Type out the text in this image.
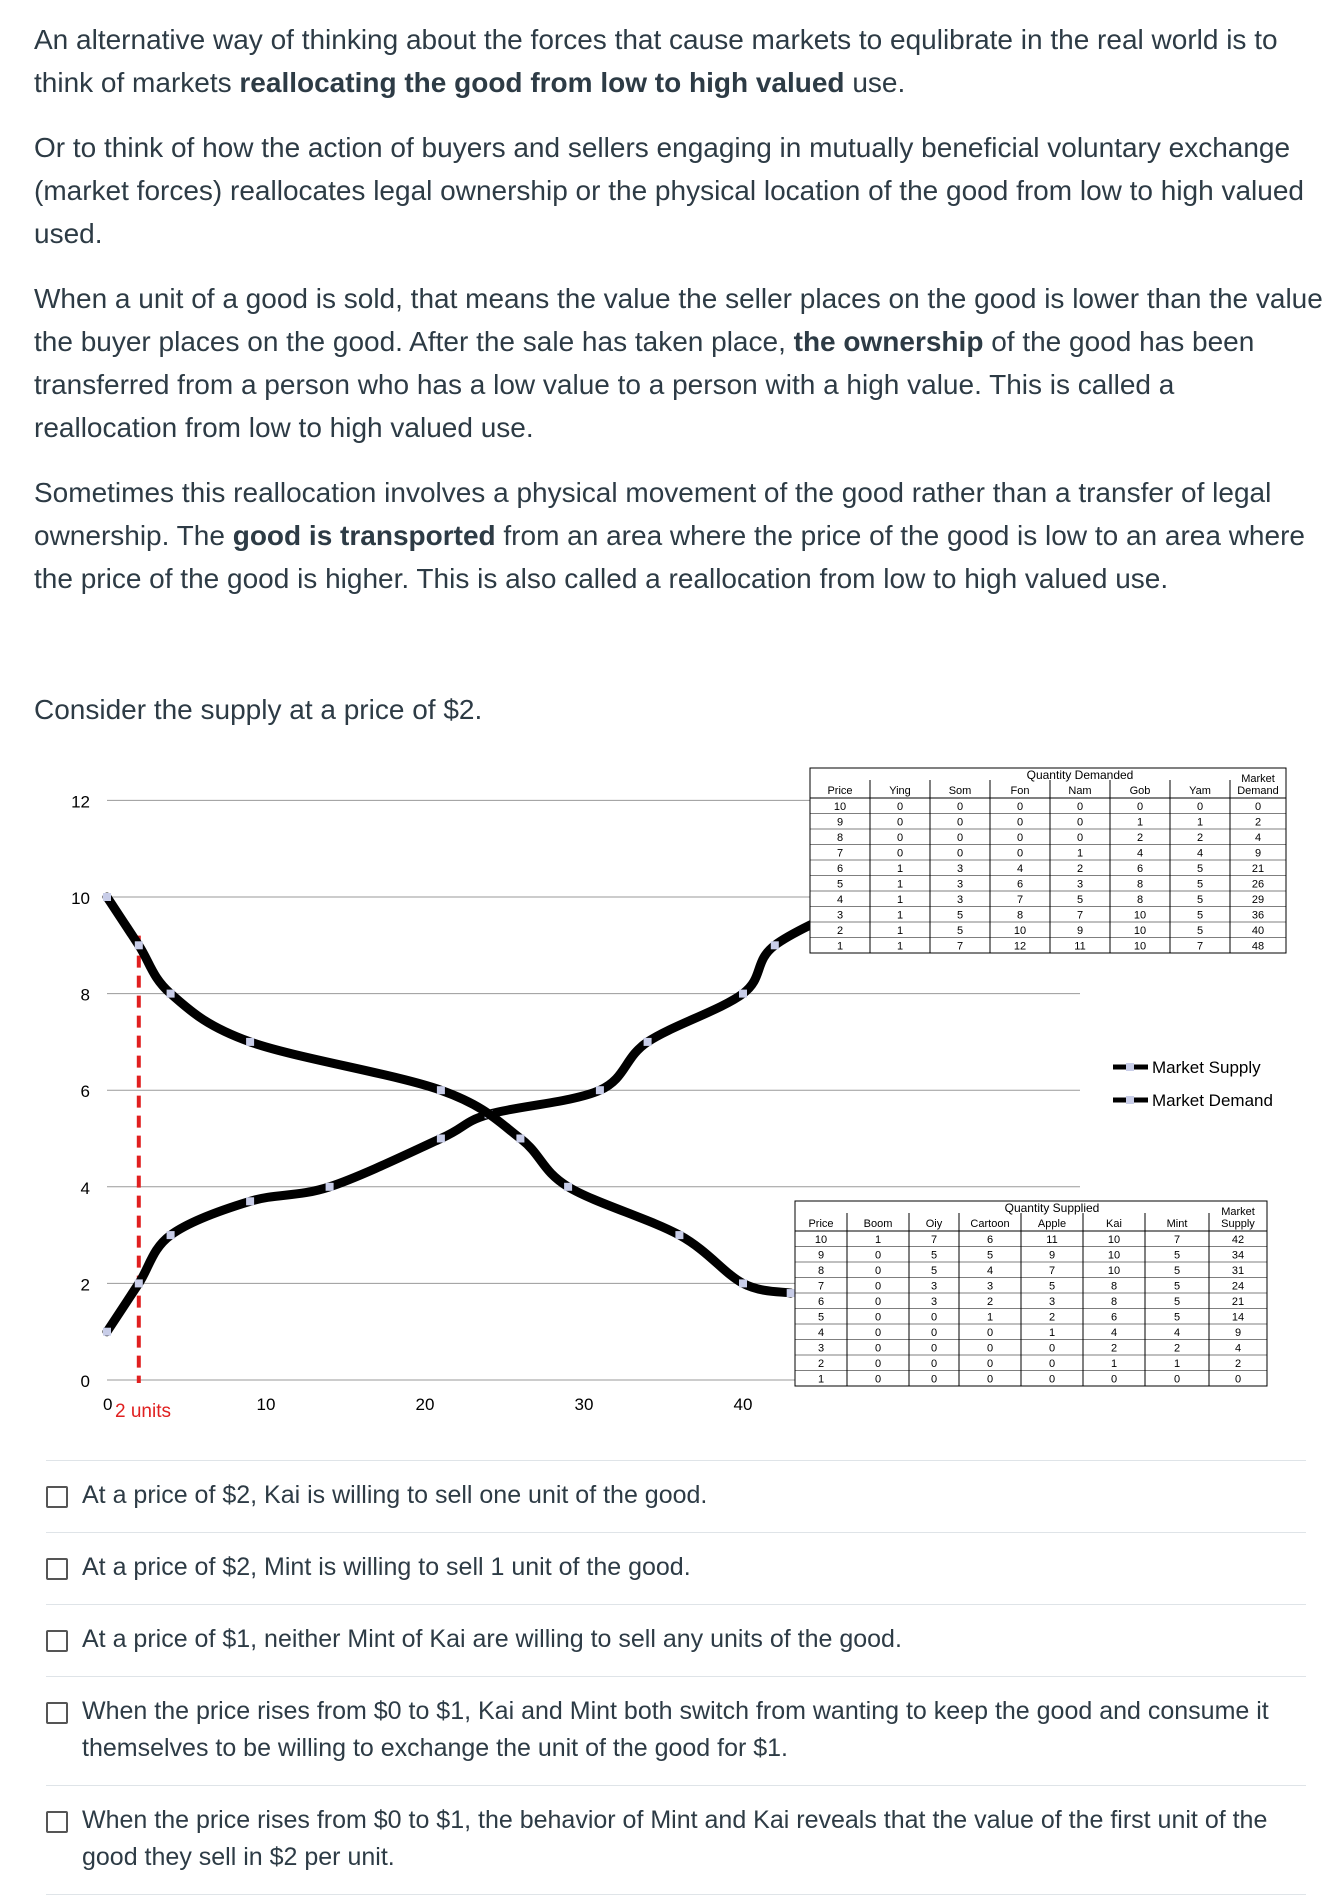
An alternative way of thinking about the forces that cause markets to equlibrate in the real world is to think of markets reallocating the good from low to high valued use.

Or to think of how the action of buyers and sellers engaging in mutually beneficial voluntary exchange (market forces) reallocates legal ownership or the physical location of the good from low to high valued used.

When a unit of a good is sold, that means the value the seller places on the good is lower than the value the buyer places on the good. After the sale has taken place, the ownership of the good has been transferred from a person who has a low value to a person with a high value. This is called a reallocation from low to high valued use.

Sometimes this reallocation involves a physical movement of the good rather than a transfer of legal ownership. The good is transported from an area where the price of the good is low to an area where the price of the good is higher. This is also called a reallocation from low to high valued use.

Consider the supply at a price of $2.

0
2
4
6
8
10
12
0	10	20	30	40
2 units
Quantity Demanded
Price	Ying	Som	Fon	Nam	Gob	Yam
Market
Demand
10	0	0	0	0	0	0	0
9	0	0	0	0	1	1	2
8	0	0	0	0	2	2	4
7	0	0	0	1	4	4	9
6	1	3	4	2	6	5	21
5	1	3	6	3	8	5	26
4	1	3	7	5	8	5	29
3	1	5	8	7	10	5	36
2	1	5	10	9	10	5	40
1	1	7	12	11	10	7	48
Quantity Supplied
Price	Boom	Oiy	Cartoon	Apple	Kai	Mint
Market
Supply
10	1	7	6	11	10	7	42
9	0	5	5	9	10	5	34
8	0	5	4	7	10	5	31
7	0	3	3	5	8	5	24
6	0	3	2	3	8	5	21
5	0	0	1	2	6	5	14
4	0	0	0	1	4	4	9
3	0	0	0	0	2	2	4
2	0	0	0	0	1	1	2
1	0	0	0	0	0	0	0
Market Supply
Market Demand
At a price of $2, Kai is willing to sell one unit of the good.
At a price of $2, Mint is willing to sell 1 unit of the good.
At a price of $1, neither Mint of Kai are willing to sell any units of the good.
When the price rises from $0 to $1, Kai and Mint both switch from wanting to keep the good and consume it themselves to be willing to exchange the unit of the good for $1.
When the price rises from $0 to $1, the behavior of Mint and Kai reveals that the value of the first unit of the good they sell in $2 per unit.
